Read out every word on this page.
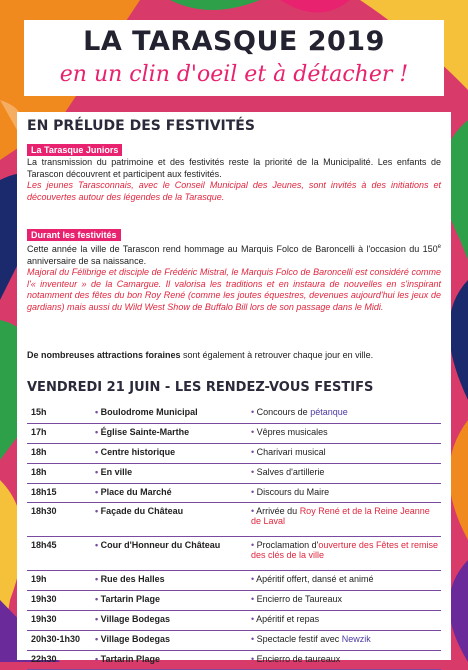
LA TARASQUE 2019
en un clin d'oeil et à détacher !
EN PRÉLUDE DES FESTIVITÉS
La Tarasque Juniors
La transmission du patrimoine et des festivités reste la priorité de la Municipalité. Les enfants de Tarascon découvrent et participent aux festivités.
Les jeunes Tarasconnais, avec le Conseil Municipal des Jeunes, sont invités à des initiations et découvertes autour des légendes de la Tarasque.
Durant les festivités
Cette année la ville de Tarascon rend hommage au Marquis Folco de Baroncelli à l'occasion du 150e anniversaire de sa naissance.
Majoral du Félibrige et disciple de Frédéric Mistral, le Marquis Folco de Baroncelli est considéré comme l'« inventeur » de la Camargue. Il valorisa les traditions et en instaura de nouvelles en s'inspirant notamment des fêtes du bon Roy René (comme les joutes équestres, devenues aujourd'hui les jeux de gardians) mais aussi du Wild West Show de Buffalo Bill lors de son passage dans le Midi.
De nombreuses attractions foraines sont également à retrouver chaque jour en ville.
VENDREDI 21 JUIN - LES RENDEZ-VOUS FESTIFS
15h	• Boulodrome Municipal	• Concours de pétanque
17h	• Église Sainte-Marthe	• Vêpres musicales
18h	• Centre historique	• Charivari musical
18h	• En ville	• Salves d'artillerie
18h15	• Place du Marché	• Discours du Maire
18h30	• Façade du Château	• Arrivée du Roy René et de la Reine Jeanne de Laval
18h45	• Cour d'Honneur du Château	• Proclamation d'ouverture des Fêtes et remise des clés de la ville
19h	• Rue des Halles	• Apéritif offert, dansé et animé
19h30	• Tartarin Plage	• Encierro de Taureaux
19h30	• Village Bodegas	• Apéritif et repas
20h30-1h30	• Village Bodegas	• Spectacle festif avec Newzik
22h30	• Tartarin Plage	• Encierro de taureaux
